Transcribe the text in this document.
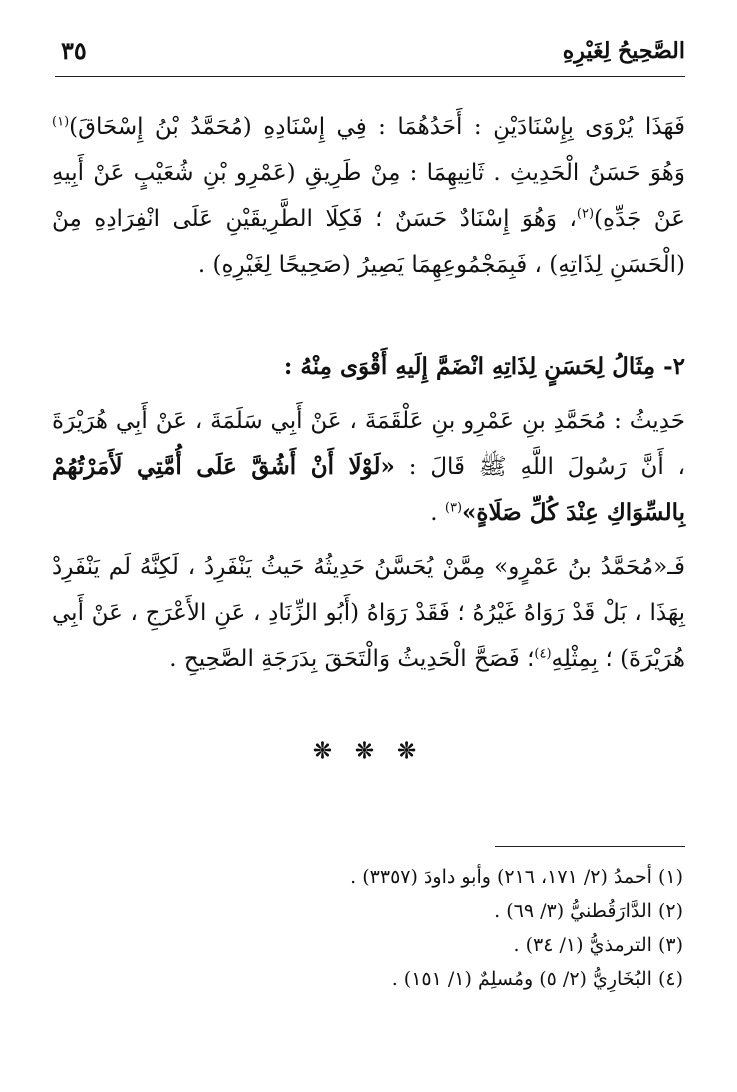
الصَّحِيحُ لِغَيْرِهِ
٣٥

فَهَذَا يُرْوَى بِإِسْنَادَيْنِ : أَحَدُهُمَا : فِي إِسْنَادِهِ (مُحَمَّدُ بْنُ إِسْحَاقَ)$^{(١)}$ وَهُوَ حَسَنُ الْحَدِيثِ . ثَانِيهِمَا : مِنْ طَرِيقِ (عَمْرِو بْنِ شُعَيْبٍ عَنْ أَبِيهِ عَنْ جَدِّهِ)$^{(٢)}$، وَهُوَ إِسْنَادٌ حَسَنٌ ؛ فَكِلَا الطَّرِيقَيْنِ عَلَى انْفِرَادِهِ مِنْ (الْحَسَنِ لِذَاتِهِ) ، فَبِمَجْمُوعِهِمَا يَصِيرُ (صَحِيحًا لِغَيْرِهِ) .

٢- مِثَالُ لِحَسَنٍ لِذَاتِهِ انْضَمَّ إِلَيهِ أَقْوَى مِنْهُ :

حَدِيثُ : مُحَمَّدِ بنِ عَمْرِو بنِ عَلْقَمَةَ ، عَنْ أَبِي سَلَمَةَ ، عَنْ أَبِي هُرَيْرَةَ ، أَنَّ رَسُولَ اللَّهِ ﷺ قَالَ : «لَوْلَا أَنْ أَشُقَّ عَلَى أُمَّتِي لَأَمَرْتُهُمْ بِالسِّوَاكِ عِنْدَ كُلِّ صَلَاةٍ»$^{(٣)}$ .

فَـ«مُحَمَّدُ بنُ عَمْرٍو» مِمَّنْ يُحَسَّنُ حَدِيثُهُ حَيثُ يَنْفَرِدُ ، لَكِنَّهُ لَم يَنْفَرِدْ بِهَذَا ، بَلْ قَدْ رَوَاهُ غَيْرُهُ ؛ فَقَدْ رَوَاهُ (أَبُو الزِّنَادِ ، عَنِ الأَعْرَجِ ، عَنْ أَبِي هُرَيْرَةَ) ؛ بِمِثْلِهِ$^{(٤)}$؛ فَصَحَّ الْحَدِيثُ وَالْتَحَقَ بِدَرَجَةِ الصَّحِيحِ .

❊ ❊ ❊
(١) أحمدُ (٢/ ١٧١، ٢١٦) وأبو داودَ (٣٣٥٧) .
(٢) الدَّارَقُطنيُّ (٣/ ٦٩) .
(٣) الترمذيُّ (١/ ٣٤) .
(٤) البُخَارِيُّ (٢/ ٥) ومُسلِمٌ (١/ ١٥١) .
